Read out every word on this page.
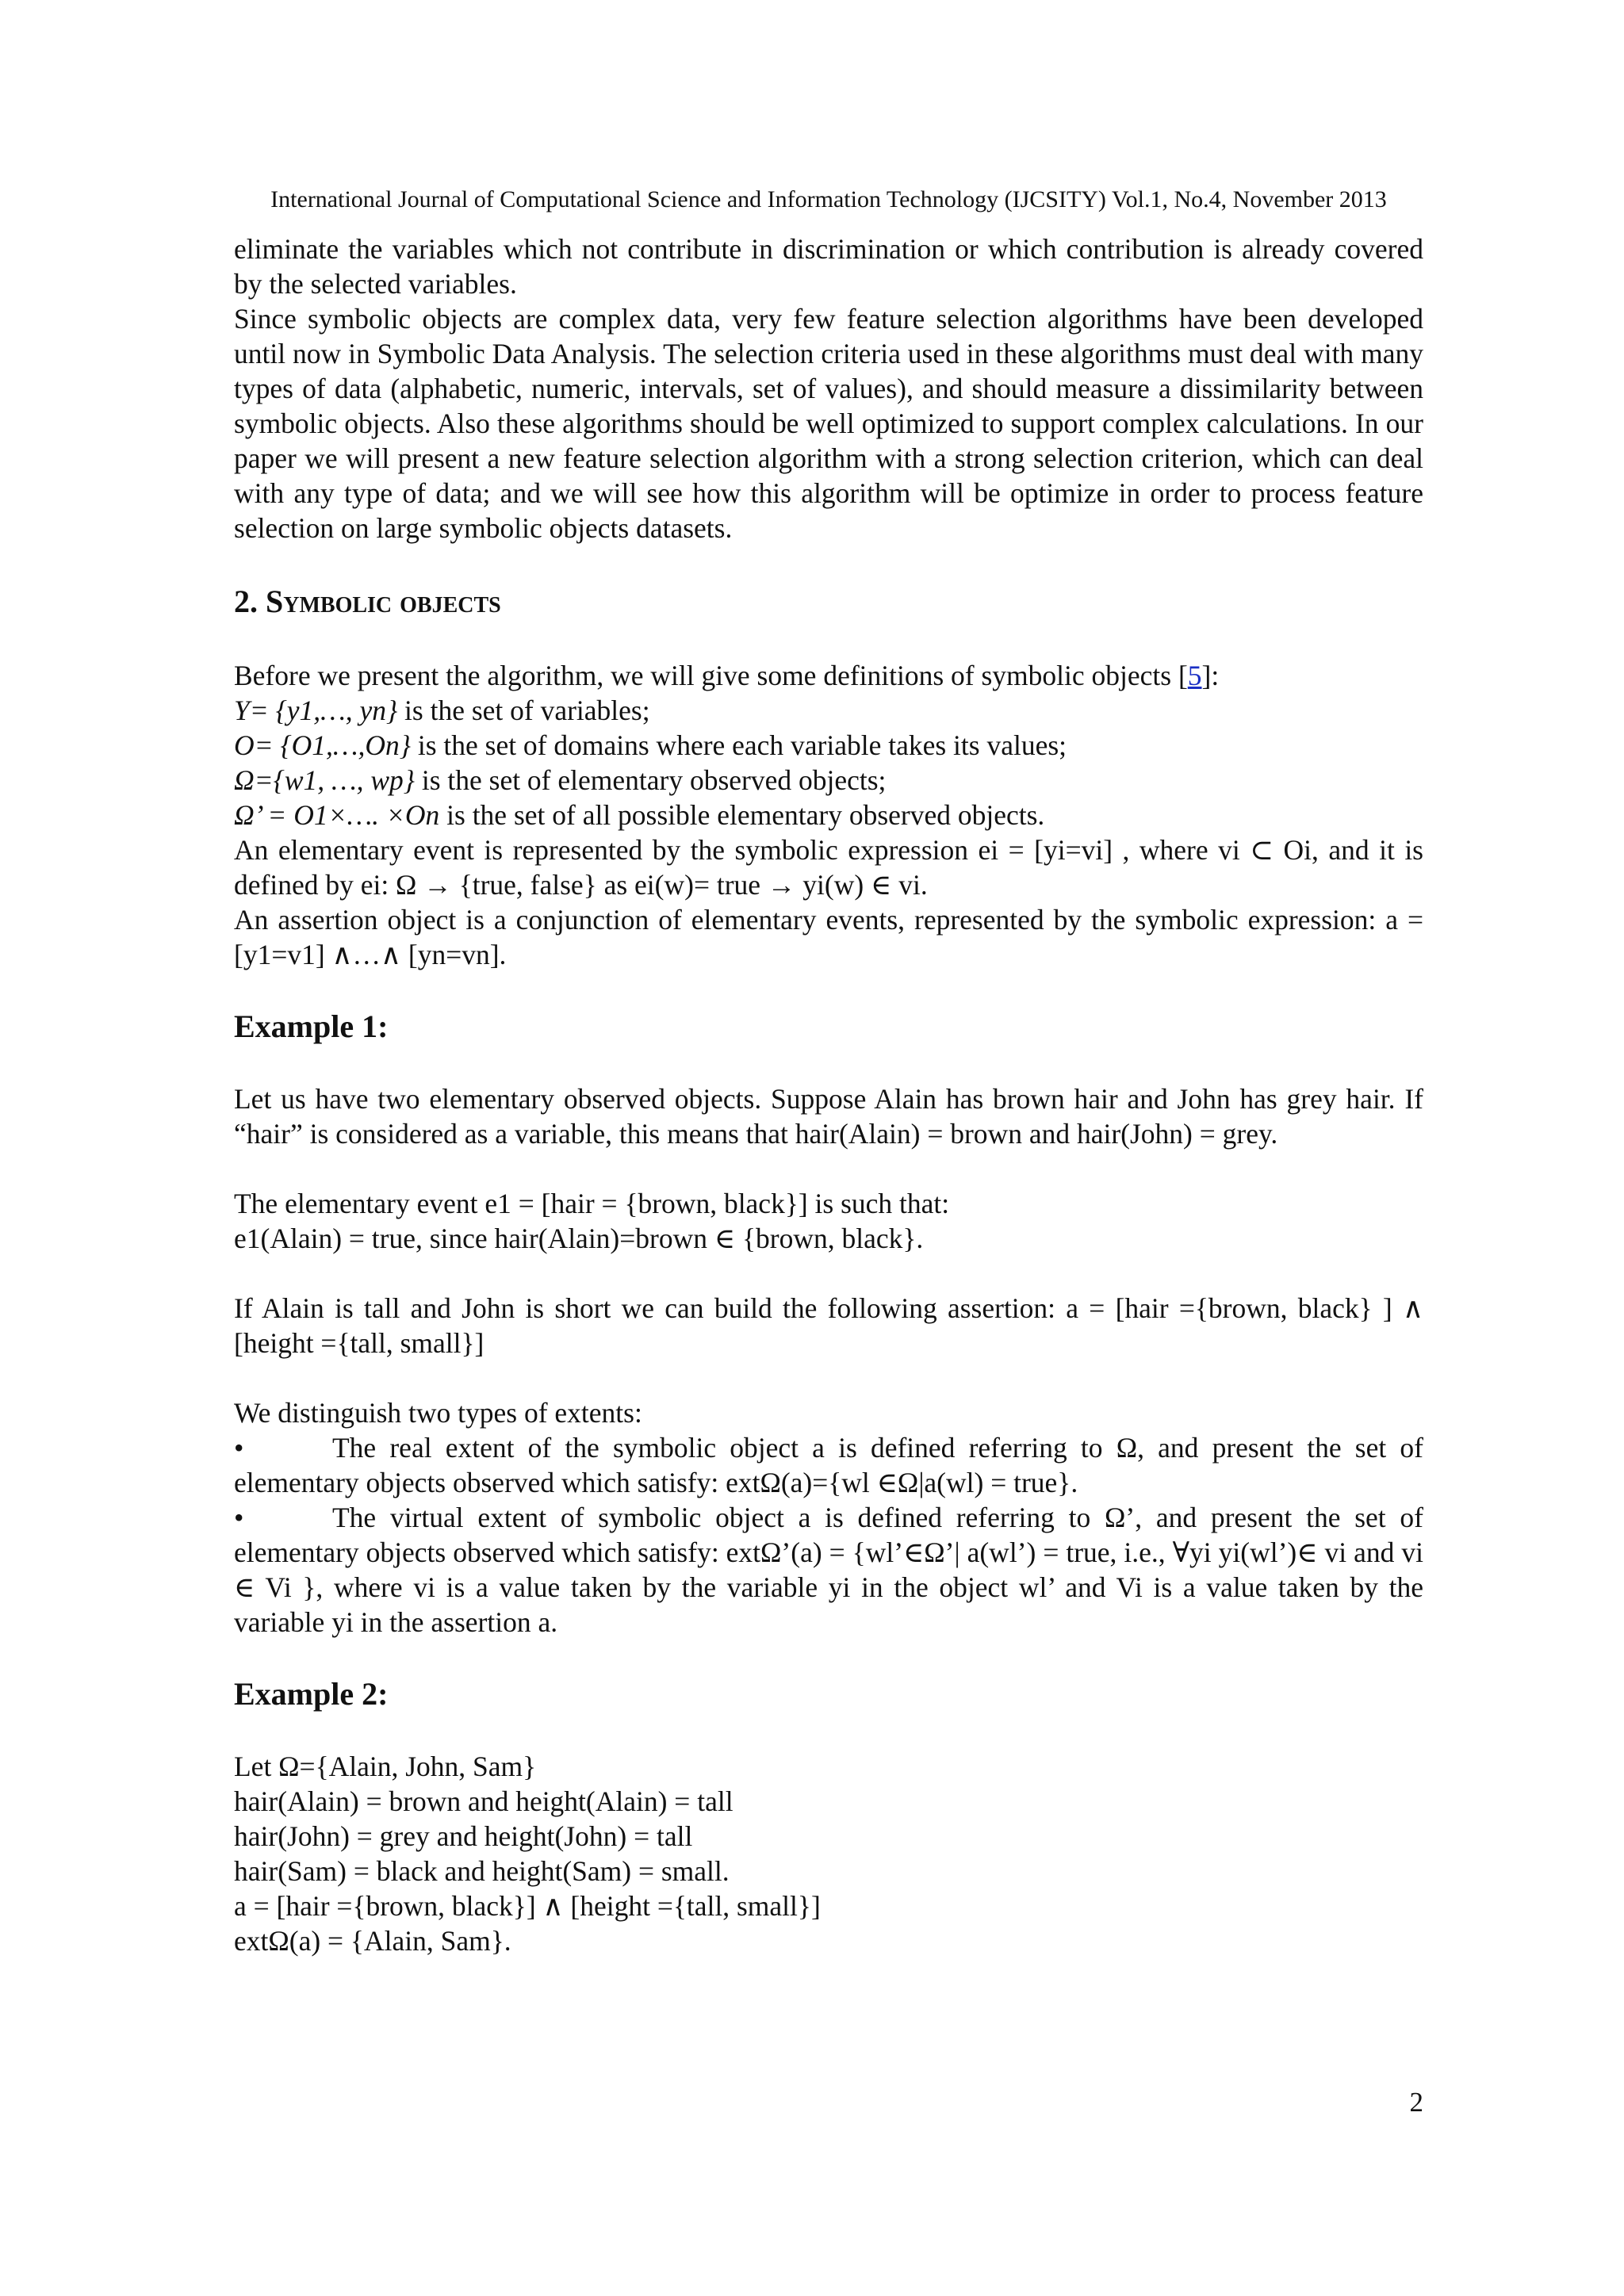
International Journal of Computational Science and Information Technology (IJCSITY) Vol.1, No.4, November 2013

eliminate the variables which not contribute in discrimination or which contribution is already covered by the selected variables.

Since symbolic objects are complex data, very few feature selection algorithms have been developed until now in Symbolic Data Analysis. The selection criteria used in these algorithms must deal with many types of data (alphabetic, numeric, intervals, set of values), and should measure a dissimilarity between symbolic objects. Also these algorithms should be well optimized to support complex calculations. In our paper we will present a new feature selection algorithm with a strong selection criterion, which can deal with any type of data; and we will see how this algorithm will be optimize in order to process feature selection on large symbolic objects datasets.

2. Symbolic objects

Before we present the algorithm, we will give some definitions of symbolic objects [5]:

Y= {y1,…, yn} is the set of variables;

O= {O1,…,On} is the set of domains where each variable takes its values;

Ω={w1, …, wp} is the set of elementary observed objects;

Ω’ = O1×…. ×On is the set of all possible elementary observed objects.

An elementary event is represented by the symbolic expression ei = [yi=vi] , where vi ⊂ Oi, and it is defined by ei: Ω → {true, false} as ei(w)= true → yi(w) ∈ vi.

An assertion object is a conjunction of elementary events, represented by the symbolic expression: a = [y1=v1] ∧…∧ [yn=vn].

Example 1:

Let us have two elementary observed objects. Suppose Alain has brown hair and John has grey hair. If “hair” is considered as a variable, this means that hair(Alain) = brown and hair(John) = grey.

The elementary event e1 = [hair = {brown, black}] is such that:
e1(Alain) = true, since hair(Alain)=brown ∈ {brown, black}.

If Alain is tall and John is short we can build the following assertion: a = [hair ={brown, black} ] ∧ [height ={tall, small}]

We distinguish two types of extents:

•	The real extent of the symbolic object a is defined referring to Ω, and present the set of elementary objects observed which satisfy: extΩ(a)={wl ∈Ω|a(wl) = true}.

•	The virtual extent of symbolic object a is defined referring to Ω’, and present the set of elementary objects observed which satisfy: extΩ’(a) = {wl’∈Ω’| a(wl’) = true, i.e., ∀yi yi(wl’)∈ vi and vi ∈ Vi }, where vi is a value taken by the variable yi in the object wl’ and Vi is a value taken by the variable yi in the assertion a.

Example 2:

Let Ω={Alain, John, Sam}
hair(Alain) = brown and height(Alain) = tall
hair(John) = grey and height(John) = tall
hair(Sam) = black and height(Sam) = small.
a = [hair ={brown, black}] ∧ [height ={tall, small}]
extΩ(a) = {Alain, Sam}.

2
